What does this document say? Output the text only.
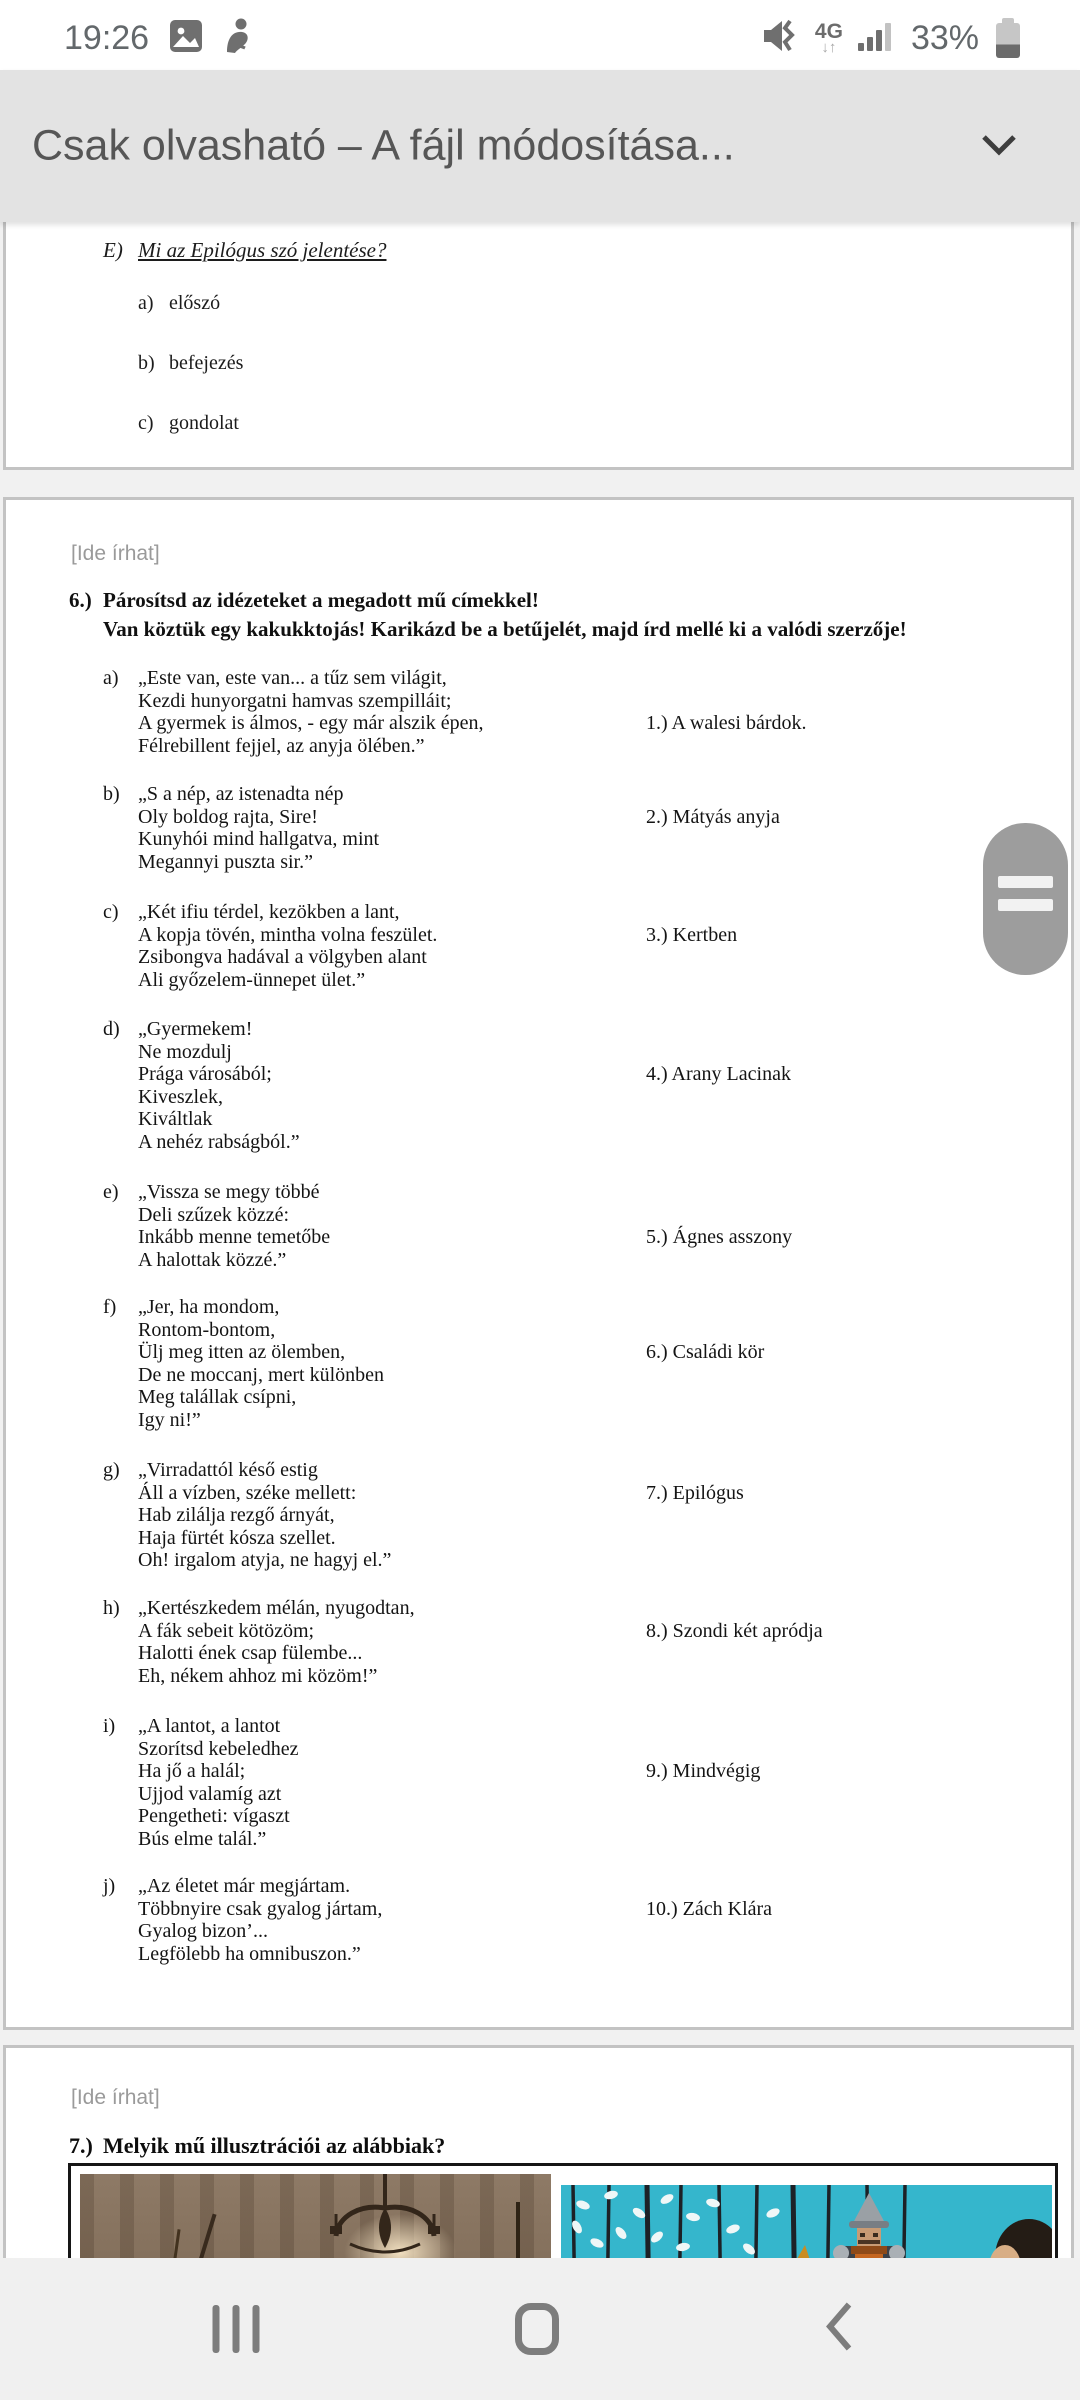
19:26	4G
↓↑ 33%
Csak olvasható – A fájl módosítása...
E) Mi az Epilógus szó jelentése?
a) előszó
b) befejezés
c) gondolat
[Ide írhat]
6.) Párosítsd az idézeteket a megadott mű címekkel!
Van köztük egy kakukktojás! Karikázd be a betűjelét, majd írd mellé ki a valódi szerzője!
a) „Este van, este van... a tűz sem világit,
Kezdi hunyorgatni hamvas szempilláit;
A gyermek is álmos, - egy már alszik épen,
Félrebillent fejjel, az anyja ölében.”
1.) A walesi bárdok.
b) „S a nép, az istenadta nép
Oly boldog rajta, Sire!
Kunyhói mind hallgatva, mint
Megannyi puszta sir.”
2.) Mátyás anyja
c) „Két ifiu térdel, kezökben a lant,
A kopja tövén, mintha volna feszület.
Zsibongva hadával a völgyben alant
Ali győzelem-ünnepet ület.”
3.) Kertben
d) „Gyermekem!
Ne mozdulj
Prága városából;
Kiveszlek,
Kiváltlak
A nehéz rabságból.”
4.) Arany Lacinak
e) „Vissza se megy többé
Deli szűzek közzé:
Inkább menne temetőbe
A halottak közzé.”
5.) Ágnes asszony
f) „Jer, ha mondom,
Rontom-bontom,
Ülj meg itten az ölemben,
De ne moccanj, mert különben
Meg talállak csípni,
Igy ni!”
6.) Családi kör
g) „Virradattól késő estig
Áll a vízben, széke mellett:
Hab zilálja rezgő árnyát,
Haja fürtét kósza szellet.
Oh! irgalom atyja, ne hagyj el.”
7.) Epilógus
h) „Kertészkedem mélán, nyugodtan,
A fák sebeit kötözöm;
Halotti ének csap fülembe...
Eh, nékem ahhoz mi közöm!”
8.) Szondi két apródja
i) „A lantot, a lantot
Szorítsd kebeledhez
Ha jő a halál;
Ujjod valamíg azt
Pengetheti: vígaszt
Bús elme talál.”
9.) Mindvégig
j) „Az életet már megjártam.
Többnyire csak gyalog jártam,
Gyalog bizon’...
Legfölebb ha omnibuszon.”
10.) Zách Klára
[Ide írhat]
7.) Melyik mű illusztrációi az alábbiak?
